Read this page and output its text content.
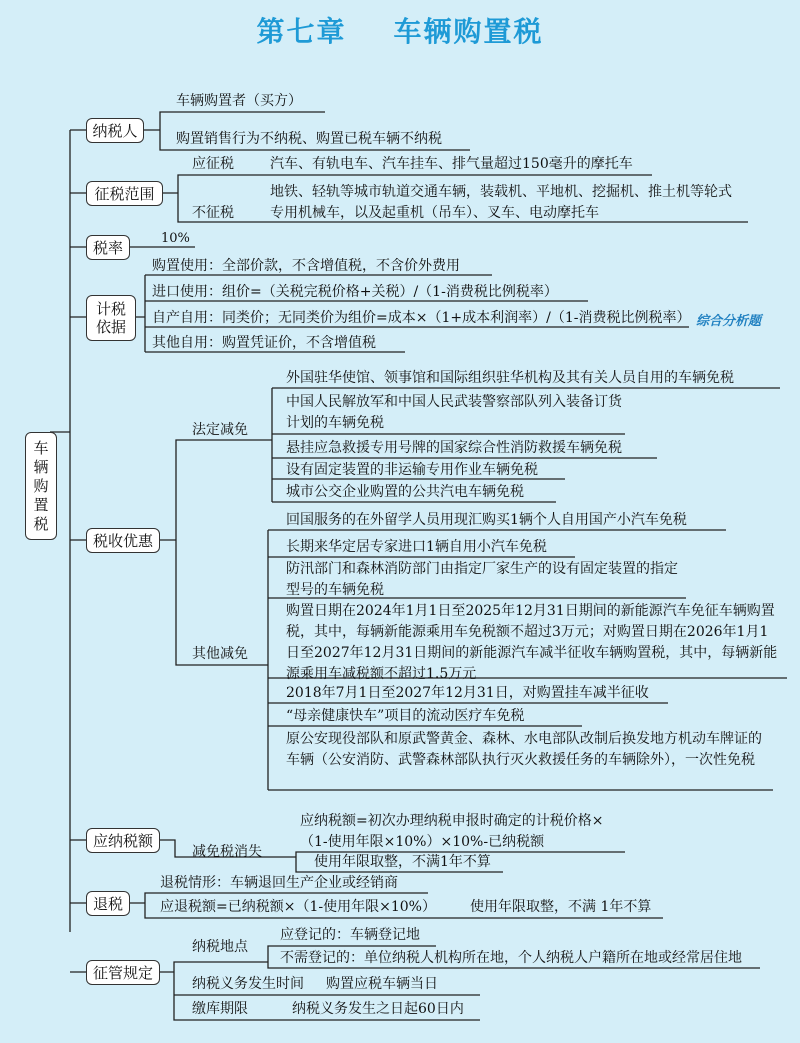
第七章    车辆购置税
车
辆
购
置
税
纳税人
征税范围
税率
计税依据
税收优惠
应纳税额
退税
征管规定
车辆购置者（买方）
购置销售行为不纳税、购置已税车辆不纳税
应征税	汽车、有轨电车、汽车挂车、排气量超过150毫升的摩托车
不征税
地铁、轻轨等城市轨道交通车辆，装载机、平地机、挖掘机、推土机等轮式专用机械车，以及起重机（吊车）、叉车、电动摩托车
10%
购置使用：全部价款，不含增值税，不含价外费用
进口使用：组价=（关税完税价格+关税）/（1-消费税比例税率）
自产自用：同类价；无同类价为组价=成本×（1+成本利润率）/（1-消费税比例税率） 综合分析题
其他自用：购置凭证价，不含增值税
法定减免
外国驻华使馆、领事馆和国际组织驻华机构及其有关人员自用的车辆免税
中国人民解放军和中国人民武装警察部队列入装备订货计划的车辆免税
悬挂应急救援专用号牌的国家综合性消防救援车辆免税
设有固定装置的非运输专用作业车辆免税
城市公交企业购置的公共汽电车辆免税
其他减免
回国服务的在外留学人员用现汇购买1辆个人自用国产小汽车免税
长期来华定居专家进口1辆自用小汽车免税
防汛部门和森林消防部门由指定厂家生产的设有固定装置的指定型号的车辆免税
购置日期在2024年1月1日至2025年12月31日期间的新能源汽车免征车辆购置税，其中，每辆新能源乘用车免税额不超过3万元；对购置日期在2026年1月1日至2027年12月31日期间的新能源汽车减半征收车辆购置税，其中，每辆新能源乘用车减税额不超过1.5万元
2018年7月1日至2027年12月31日，对购置挂车减半征收
“母亲健康快车”项目的流动医疗车免税
原公安现役部队和原武警黄金、森林、水电部队改制后换发地方机动车牌证的车辆（公安消防、武警森林部队执行灭火救援任务的车辆除外），一次性免税
减免税消失
应纳税额=初次办理纳税申报时确定的计税价格×（1-使用年限×10%）×10%-已纳税额
使用年限取整，不满1年不算
退税情形：车辆退回生产企业或经销商
应退税额=已纳税额×（1-使用年限×10%） 使用年限取整，不满 1年不算
纳税地点
应登记的：车辆登记地
不需登记的：单位纳税人机构所在地，个人纳税人户籍所在地或经常居住地
纳税义务发生时间 购置应税车辆当日
缴库期限	纳税义务发生之日起60日内
